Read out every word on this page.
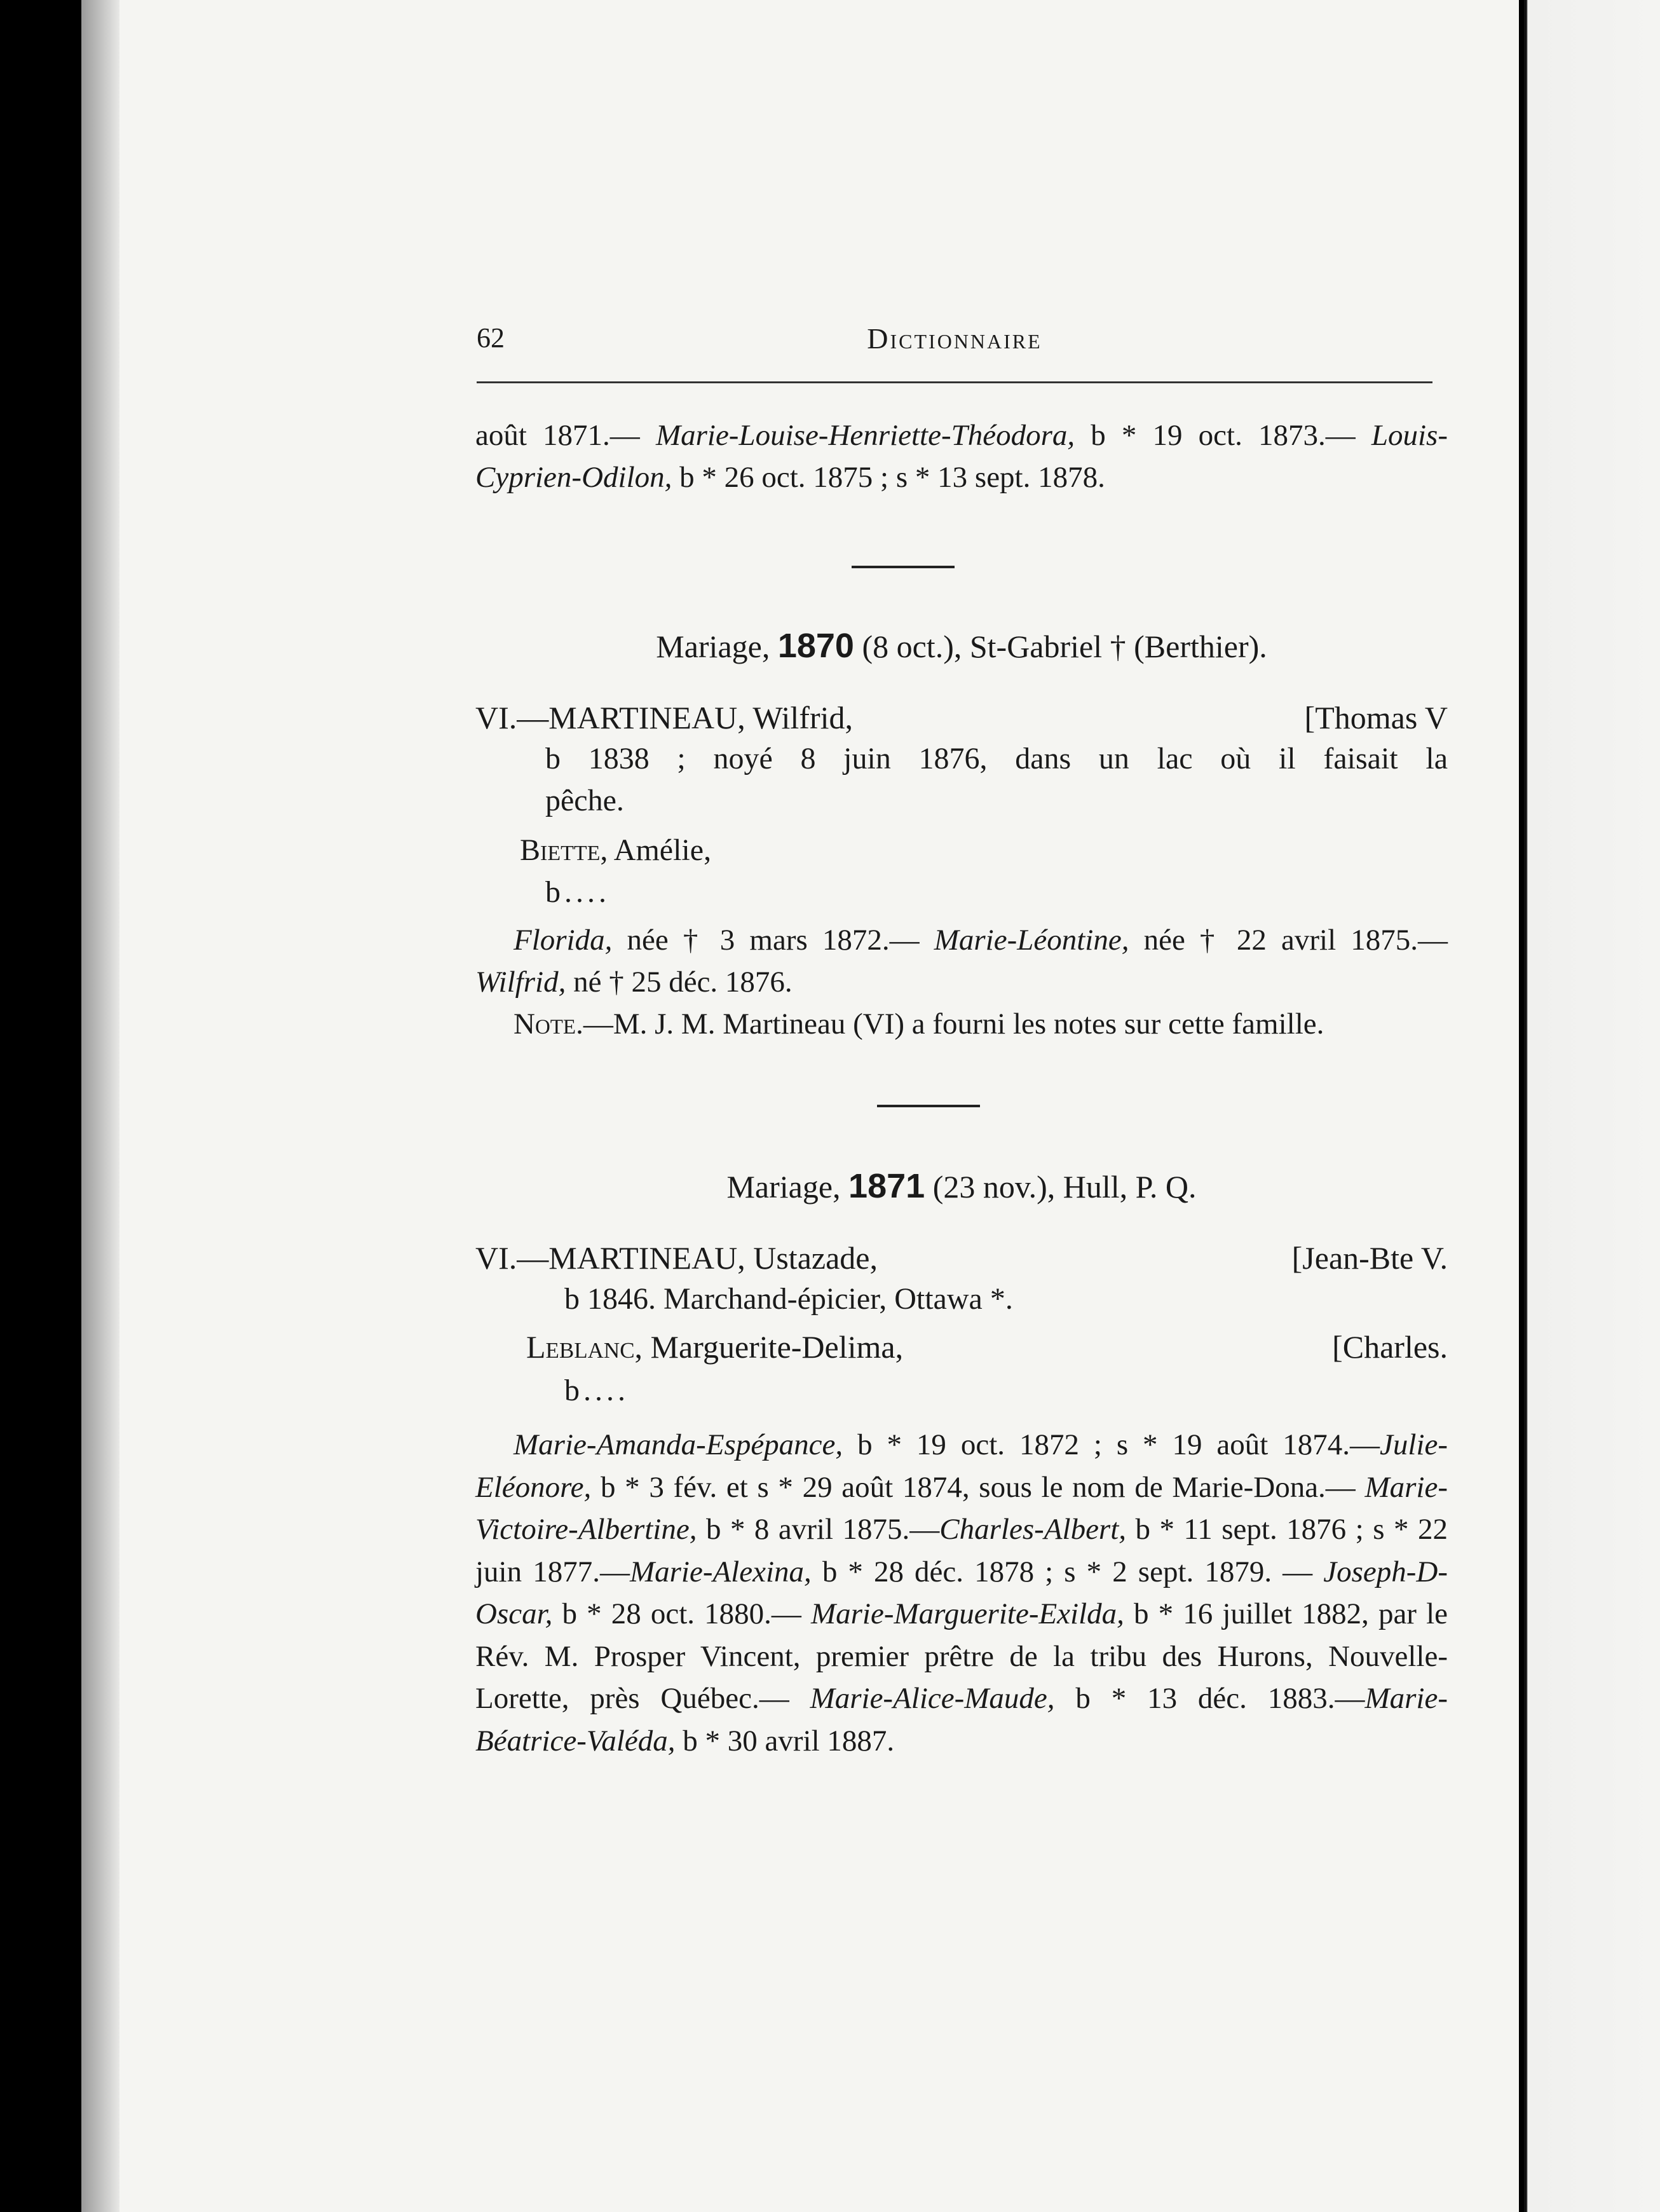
62	Dictionnaire
août 1871.— Marie-Louise-Henriette-Théodora, b * 19 oct. 1873.— Louis-Cyprien-Odilon, b * 26 oct. 1875 ; s * 13 sept. 1878.
Mariage, 1870 (8 oct.), St-Gabriel † (Berthier).
VI.—MARTINEAU, Wilfrid,	[Thomas V
b 1838 ; noyé 8 juin 1876, dans un lac où il faisait la
pêche.
Biette, Amélie,
b....
Florida, née † 3 mars 1872.— Marie-Léontine, née † 22 avril 1875.— Wilfrid, né † 25 déc. 1876.
Note.—M. J. M. Martineau (VI) a fourni les notes sur cette famille.
Mariage, 1871 (23 nov.), Hull, P. Q.
VI.—MARTINEAU, Ustazade,	[Jean-Bte V.
b 1846. Marchand-épicier, Ottawa *.
Leblanc, Marguerite-Delima,	[Charles.
b....
Marie-Amanda-Espépance, b * 19 oct. 1872 ; s * 19 août 1874.—Julie-Eléonore, b * 3 fév. et s * 29 août 1874, sous le nom de Marie-Dona.— Marie-Victoire-Albertine, b * 8 avril 1875.—Charles-Albert, b * 11 sept. 1876 ; s * 22 juin 1877.—Marie-Alexina, b * 28 déc. 1878 ; s * 2 sept. 1879. — Joseph-D-Oscar, b * 28 oct. 1880.— Marie-Marguerite-Exilda, b * 16 juillet 1882, par le Rév. M. Prosper Vincent, premier prêtre de la tribu des Hurons, Nouvelle-Lorette, près Québec.— Marie-Alice-Maude, b * 13 déc. 1883.—Marie-Béatrice-Valéda, b * 30 avril 1887.
